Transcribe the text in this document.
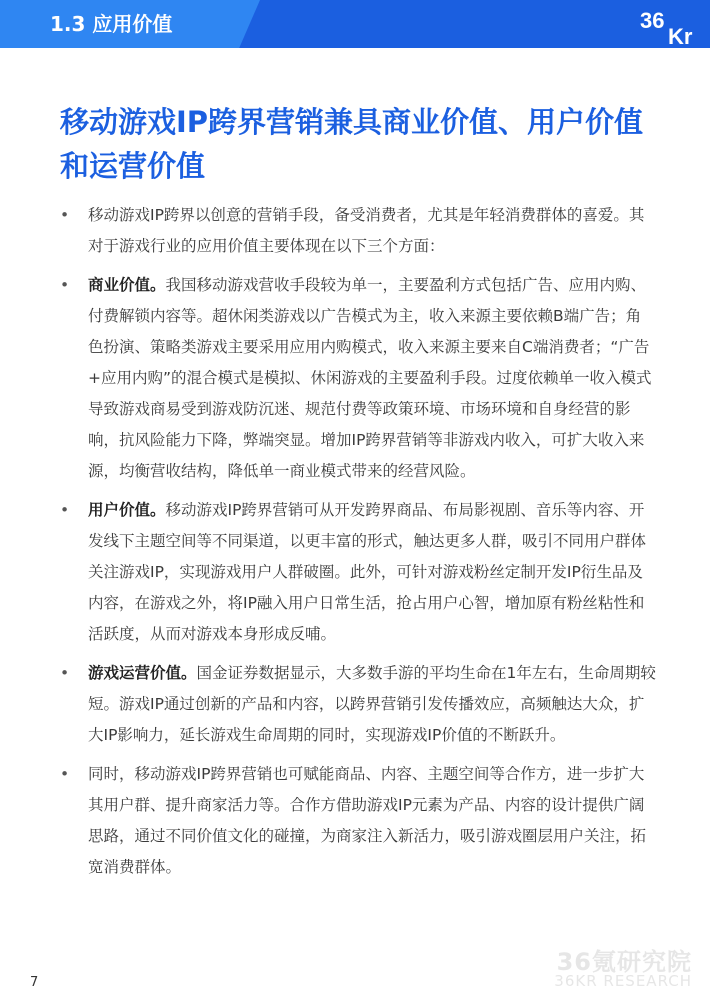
1.3 应用价值	36
Kr
移动游戏IP跨界营销兼具商业价值、用户价值和运营价值
• 移动游戏IP跨界以创意的营销手段，备受消费者，尤其是年轻消费群体的喜爱。其对于游戏行业的应用价值主要体现在以下三个方面：
• 商业价值。我国移动游戏营收手段较为单一，主要盈利方式包括广告、应用内购、付费解锁内容等。超休闲类游戏以广告模式为主，收入来源主要依赖B端广告；角色扮演、策略类游戏主要采用应用内购模式，收入来源主要来自C端消费者；“广告+应用内购”的混合模式是模拟、休闲游戏的主要盈利手段。过度依赖单一收入模式导致游戏商易受到游戏防沉迷、规范付费等政策环境、市场环境和自身经营的影响，抗风险能力下降，弊端突显。增加IP跨界营销等非游戏内收入，可扩大收入来源，均衡营收结构，降低单一商业模式带来的经营风险。
• 用户价值。移动游戏IP跨界营销可从开发跨界商品、布局影视剧、音乐等内容、开发线下主题空间等不同渠道，以更丰富的形式，触达更多人群，吸引不同用户群体关注游戏IP，实现游戏用户人群破圈。此外，可针对游戏粉丝定制开发IP衍生品及内容，在游戏之外，将IP融入用户日常生活，抢占用户心智，增加原有粉丝粘性和活跃度，从而对游戏本身形成反哺。
• 游戏运营价值。国金证券数据显示，大多数手游的平均生命在1年左右，生命周期较短。游戏IP通过创新的产品和内容，以跨界营销引发传播效应，高频触达大众，扩大IP影响力，延长游戏生命周期的同时，实现游戏IP价值的不断跃升。
• 同时，移动游戏IP跨界营销也可赋能商品、内容、主题空间等合作方，进一步扩大其用户群、提升商家活力等。合作方借助游戏IP元素为产品、内容的设计提供广阔思路，通过不同价值文化的碰撞，为商家注入新活力，吸引游戏圈层用户关注，拓宽消费群体。
36氪研究院
36KR RESEARCH
7
